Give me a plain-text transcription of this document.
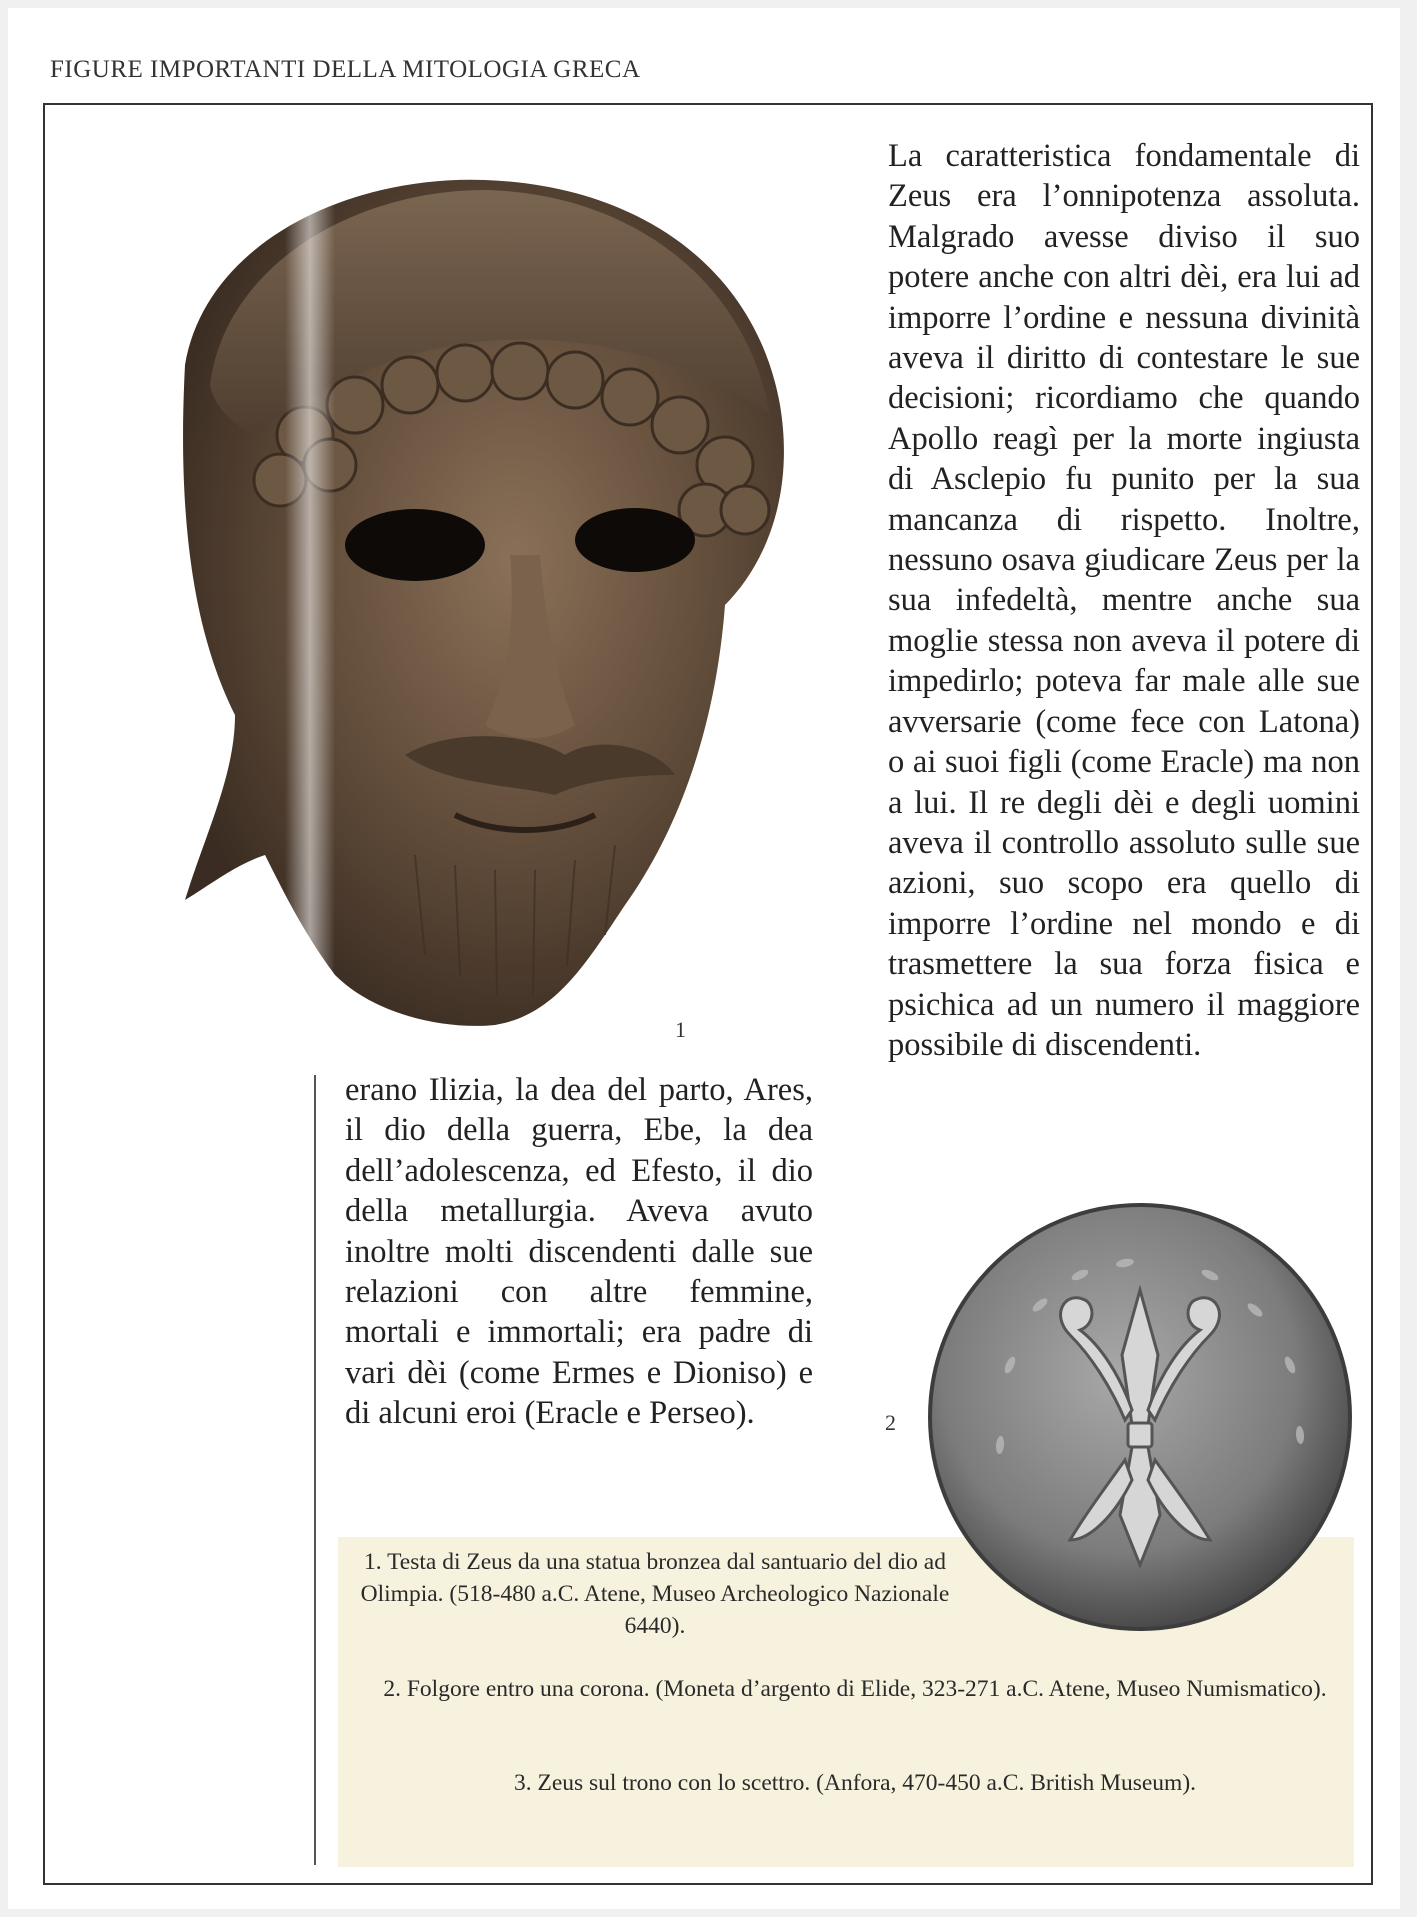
FIGURE IMPORTANTI DELLA MITOLOGIA GRECA
1

La caratteristica fondamentale di Zeus era l’onnipotenza assoluta. Malgrado avesse diviso il suo potere anche con altri dèi, era lui ad imporre l’ordine e nessuna divinità aveva il diritto di contestare le sue decisioni; ricordiamo che quando Apollo reagì per la morte ingiusta di Asclepio fu punito per la sua mancanza di rispetto. Inoltre, nessuno osava giudicare Zeus per la sua infedeltà, mentre anche sua moglie stessa non aveva il potere di impedirlo; poteva far male alle sue avversarie (come fece con Latona) o ai suoi figli (come Eracle) ma non a lui. Il re degli dèi e degli uomini aveva il controllo assoluto sulle sue azioni, suo scopo era quello di imporre l’ordine nel mondo e di trasmettere la sua forza fisica e psichica ad un numero il maggiore possibile di discendenti.

erano Ilizia, la dea del parto, Ares, il dio della guerra, Ebe, la dea dell’adolescenza, ed Efesto, il dio della metallurgia. Aveva avuto inoltre molti discendenti dalle sue relazioni con altre femmine, mortali e immortali; era padre di vari dèi (come Ermes e Dioniso) e di alcuni eroi (Eracle e Perseo).

1. Testa di Zeus da una statua bronzea dal santuario del dio ad Olimpia. (518-480 a.C. Atene, Museo Archeologico Nazionale 6440).

2. Folgore entro una corona. (Moneta d’argento di Elide, 323-271 a.C. Atene, Museo Numismatico).

3. Zeus sul trono con lo scettro. (Anfora, 470-450 a.C. British Museum).

2
